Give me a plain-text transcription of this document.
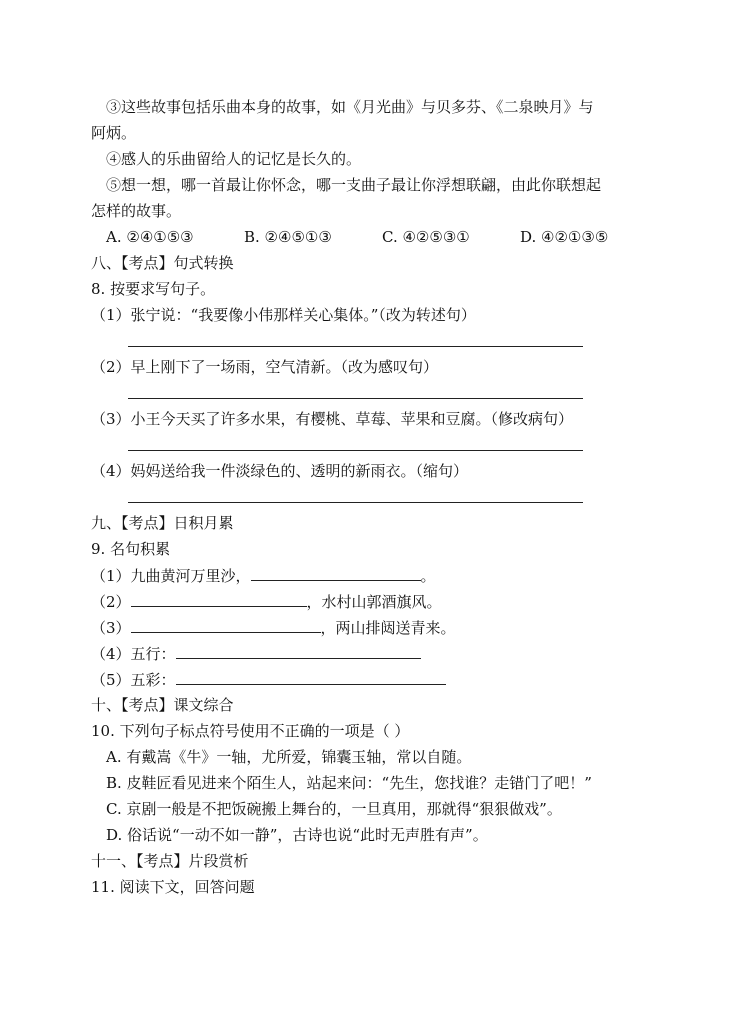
③这些故事包括乐曲本身的故事，如《月光曲》与贝多芬、《二泉映月》与
阿炳。
④感人的乐曲留给人的记忆是长久的。
⑤想一想，哪一首最让你怀念，哪一支曲子最让你浮想联翩，由此你联想起
怎样的故事。
A. ②④①⑤③	B. ②④⑤①③	C. ④②⑤③①	D. ④②①③⑤
八、【考点】句式转换
8. 按要求写句子。
（1）张宁说：“我要像小伟那样关心集体。”（改为转述句）
（2）早上刚下了一场雨，空气清新。（改为感叹句）
（3）小王今天买了许多水果，有樱桃、草莓、苹果和豆腐。（修改病句）
（4）妈妈送给我一件淡绿色的、透明的新雨衣。（缩句）
九、【考点】日积月累
9. 名句积累
（1）九曲黄河万里沙，	。
（2）	，水村山郭酒旗风。
（3）	，两山排闼送青来。
（4）五行：
（5）五彩：
十、【考点】课文综合
10. 下列句子标点符号使用不正确的一项是（ ）
A. 有戴嵩《牛》一轴，尤所爱，锦囊玉轴，常以自随。
B. 皮鞋匠看见进来个陌生人，站起来问：“先生，您找谁？走错门了吧！”
C. 京剧一般是不把饭碗搬上舞台的，一旦真用，那就得“狠狠做戏”。
D. 俗话说“一动不如一静”，古诗也说“此时无声胜有声”。
十一、【考点】片段赏析
11. 阅读下文，回答问题
